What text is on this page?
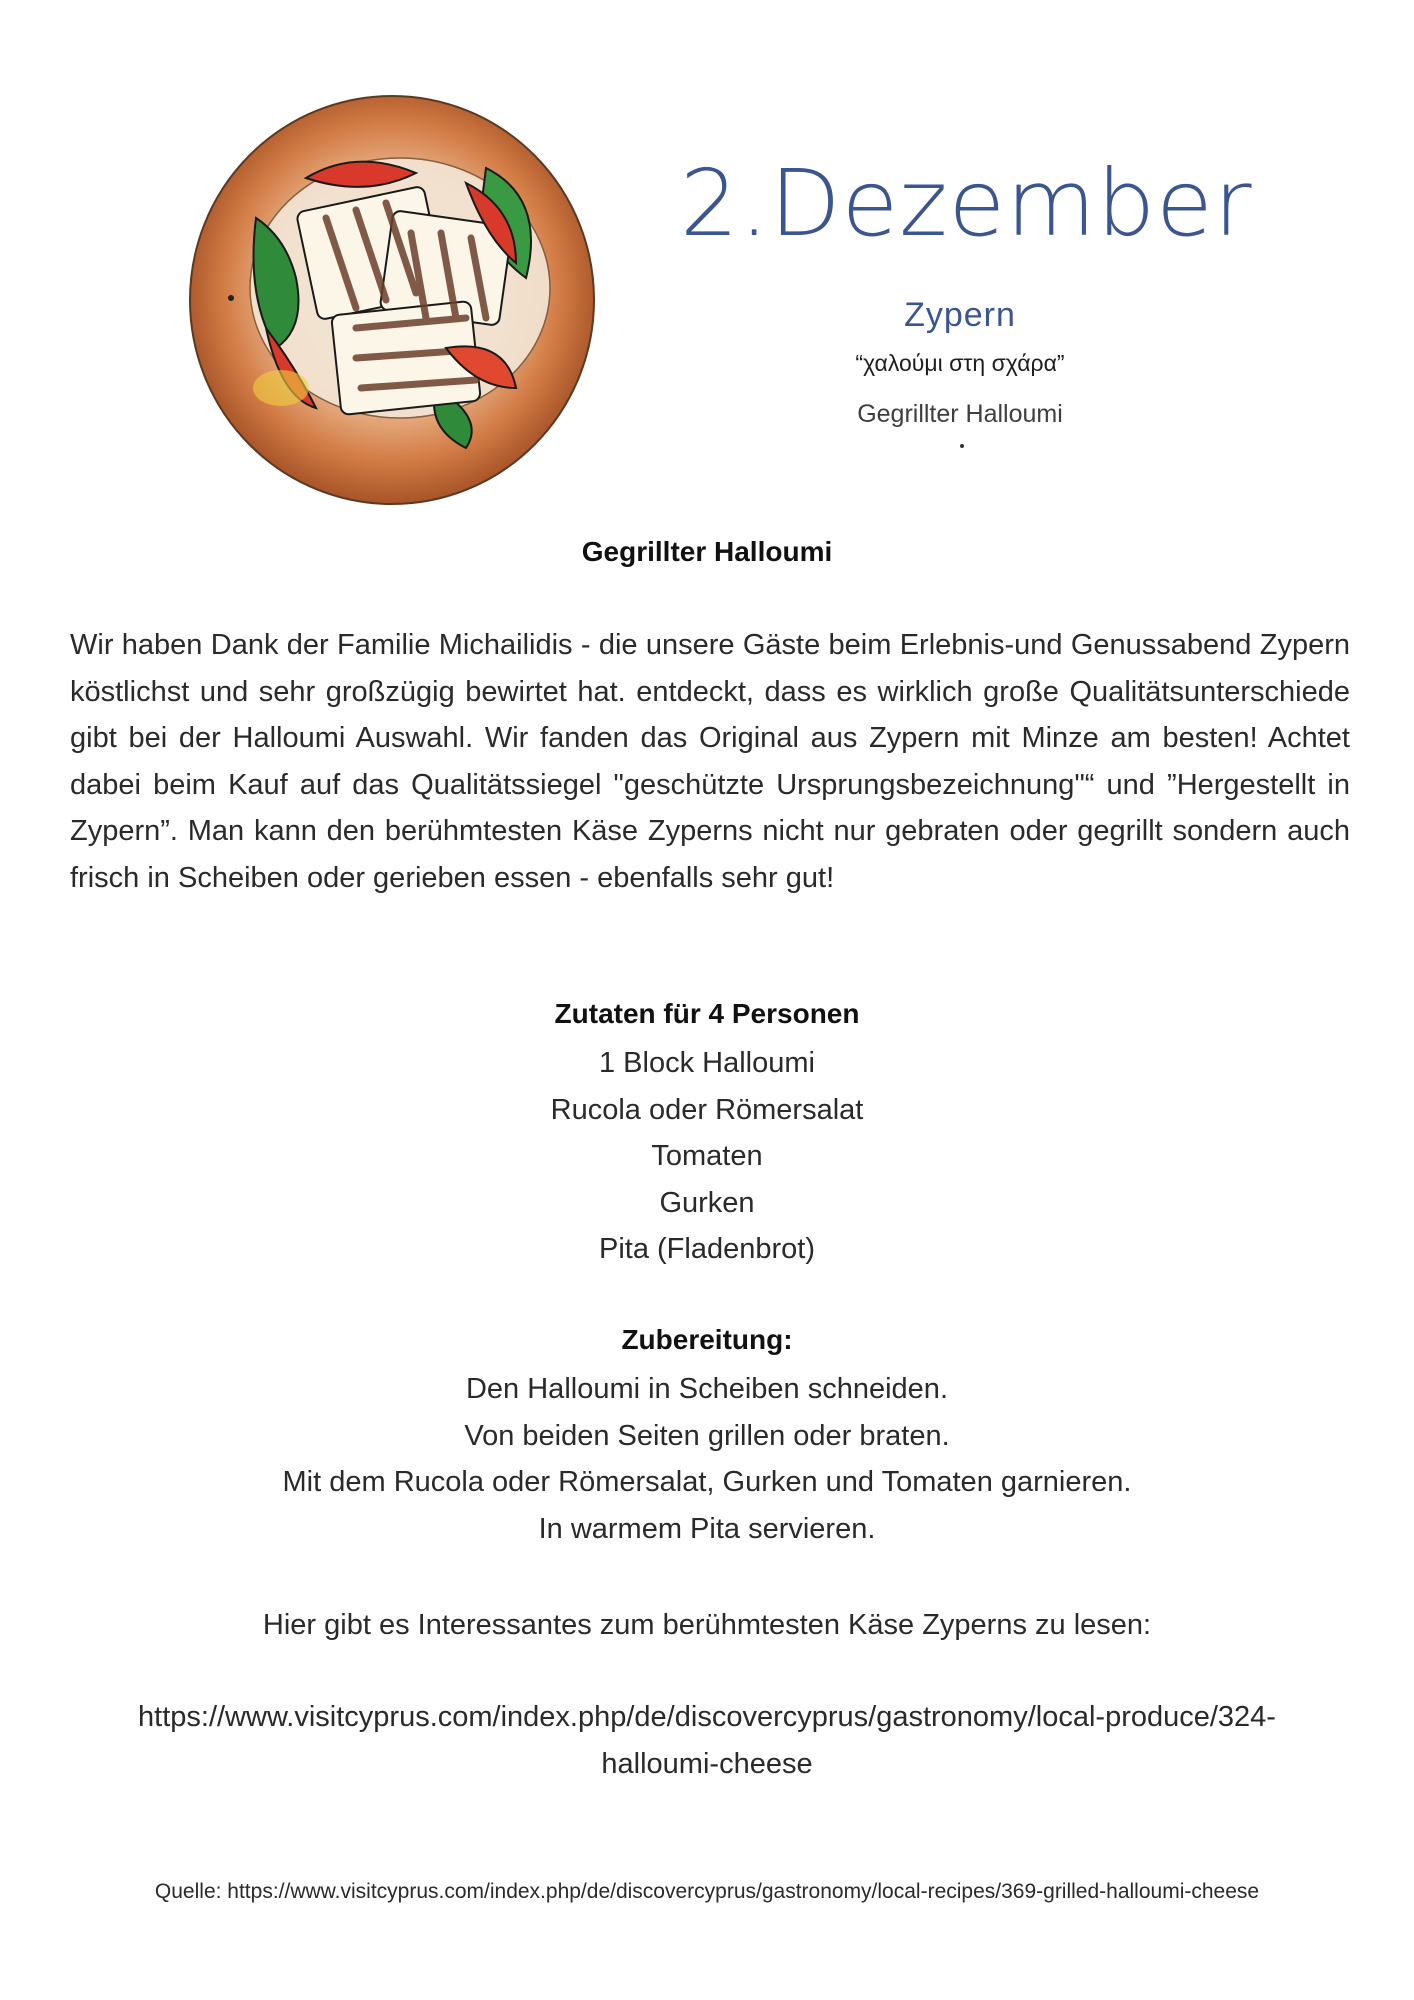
2.Dezember
Zypern
“χαλούμι στη σχάρα”
Gegrillter Halloumi
Gegrillter Halloumi

Wir haben Dank der Familie Michailidis - die unsere Gäste beim Erlebnis-und Genussabend Zypern köstlichst und sehr großzügig bewirtet hat. entdeckt, dass es wirklich große Qualitätsunterschiede gibt bei der Halloumi Auswahl. Wir fanden das Original aus Zypern mit Minze am besten! Achtet dabei beim Kauf auf das Qualitätssiegel "geschützte Ursprungsbezeichnung"“ und ”Hergestellt in Zypern”. Man kann den berühmtesten Käse Zyperns nicht nur gebraten oder gegrillt sondern auch frisch in Scheiben oder gerieben essen - ebenfalls sehr gut!

Zutaten für 4 Personen
1 Block Halloumi
Rucola oder Römersalat
Tomaten
Gurken
Pita (Fladenbrot)
Zubereitung:
Den Halloumi in Scheiben schneiden.
Von beiden Seiten grillen oder braten.
Mit dem Rucola oder Römersalat, Gurken und Tomaten garnieren.
In warmem Pita servieren.

Hier gibt es Interessantes zum berühmtesten Käse Zyperns zu lesen:

https://www.visitcyprus.com/index.php/de/discovercyprus/gastronomy/local-produce/324-halloumi-cheese

Quelle: https://www.visitcyprus.com/index.php/de/discovercyprus/gastronomy/local-recipes/369-grilled-halloumi-cheese
